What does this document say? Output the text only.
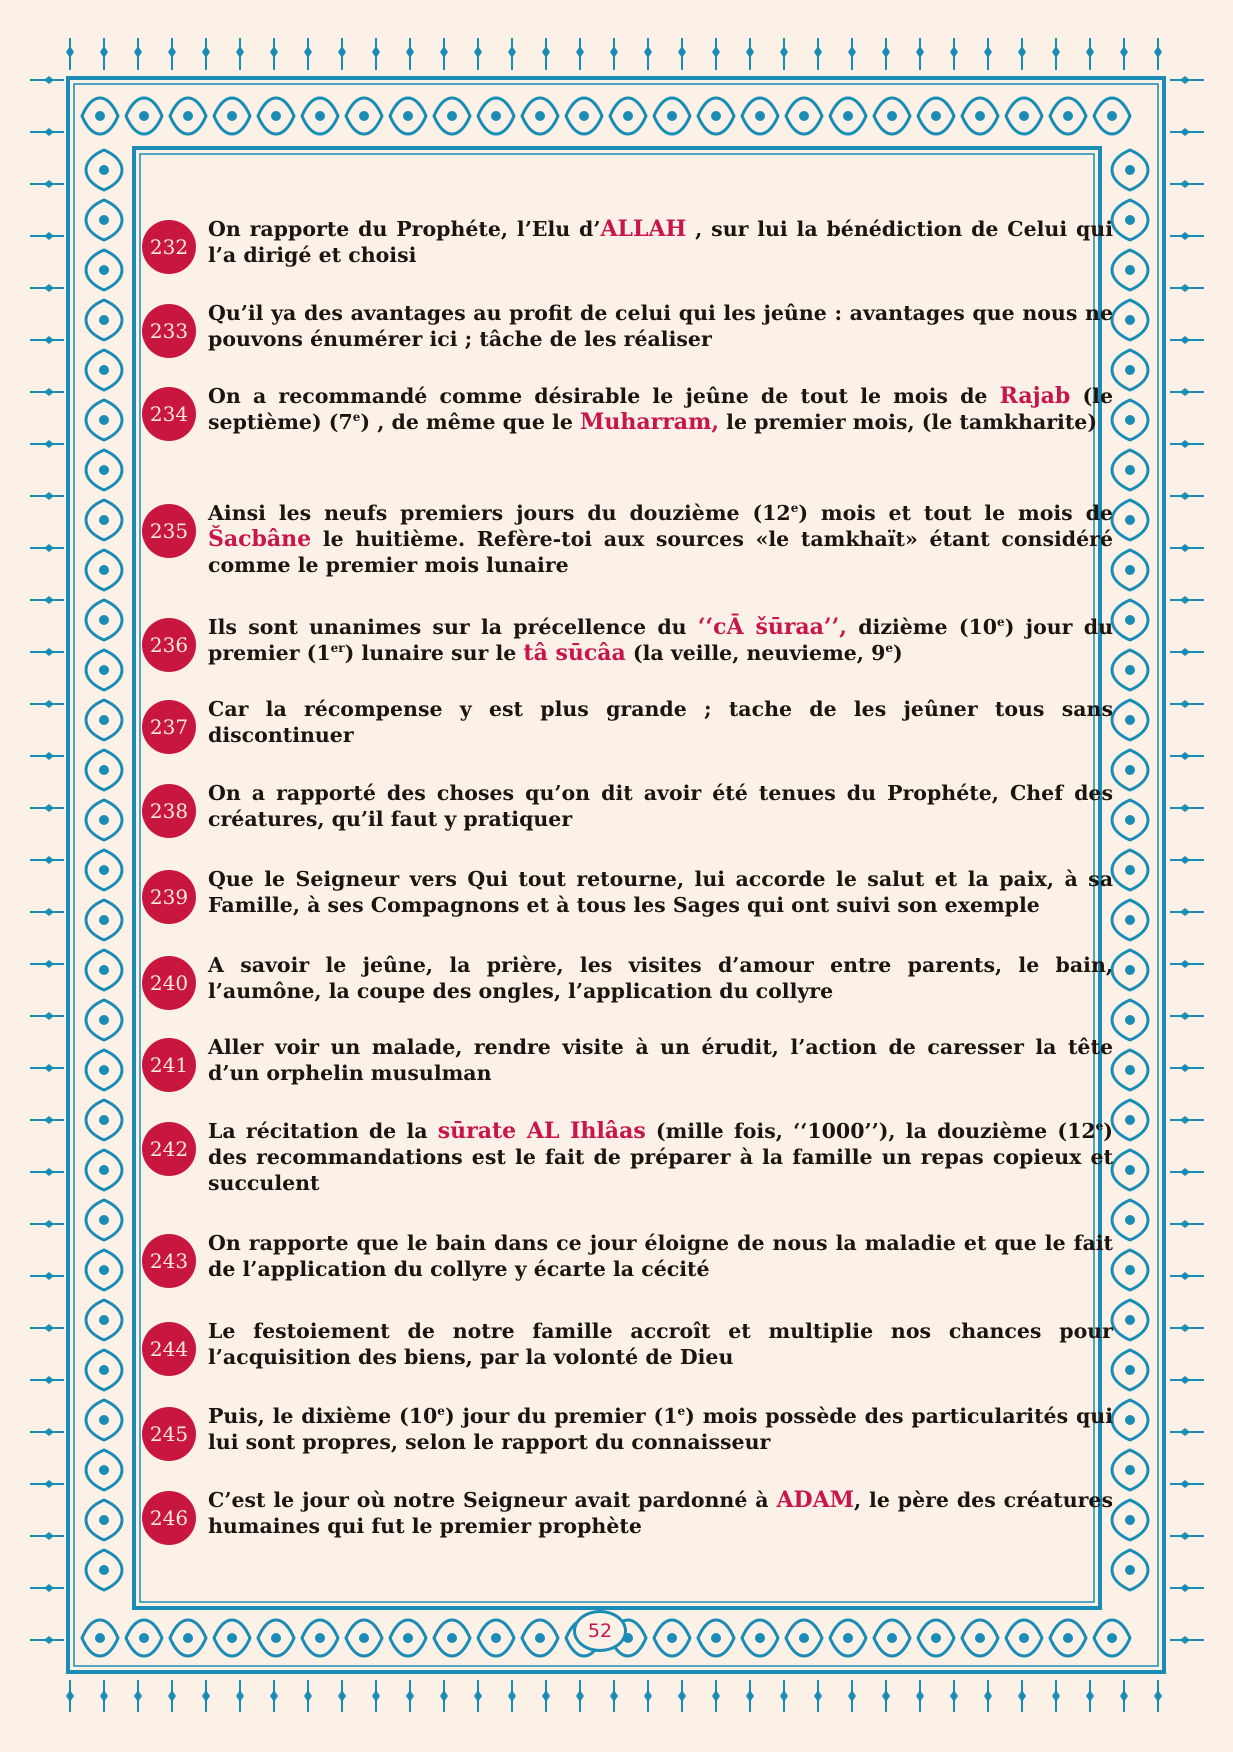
232

On rapporte du Prophéte, l’Elu d’ALLAH , sur lui la bénédiction de Celui qui l’a dirigé et choisi

233

Qu’il ya des avantages au profit de celui qui les jeûne : avantages que nous ne pouvons énumérer ici ; tâche de les réaliser

234

On a recommandé comme désirable le jeûne de tout le mois de Rajab (le septième) (7e) , de même que le Muharram, le premier mois, (le tamkharite)

235

Ainsi les neufs premiers jours du douzième (12e) mois et tout le mois de Šacbâne le huitième. Refère-toi aux sources «le tamkhaït» étant considéré comme le premier mois lunaire

236

Ils sont unanimes sur la précellence du ‘‘cĀ šūraa’’, dizième (10e) jour du premier (1er) lunaire sur le tâ sūcâa (la veille, neuvieme, 9e)

237

Car la récompense y est plus grande ; tache de les jeûner tous sans discontinuer

238

On a rapporté des choses qu’on dit avoir été tenues du Prophéte, Chef des créatures, qu’il faut y pratiquer

239

Que le Seigneur vers Qui tout retourne, lui accorde le salut et la paix, à sa Famille, à ses Compagnons et à tous les Sages qui ont suivi son exemple

240

A savoir le jeûne, la prière, les visites d’amour entre parents, le bain, l’aumône, la coupe des ongles, l’application du collyre

241

Aller voir un malade, rendre visite à un érudit, l’action de caresser la tête d’un orphelin musulman

242

La récitation de la sūrate AL Ihlâas (mille fois, ‘‘1000’’), la douzième (12e) des recommandations est le fait de préparer à la famille un repas copieux et succulent

243

On rapporte que le bain dans ce jour éloigne de nous la maladie et que le fait de l’application du collyre y écarte la cécité

244

Le festoiement de notre famille accroît et multiplie nos chances pour l’acquisition des biens, par la volonté de Dieu

245

Puis, le dixième (10e) jour du premier (1e) mois possède des particularités qui lui sont propres, selon le rapport du connaisseur

246

C’est le jour où notre Seigneur avait pardonné à ADAM, le père des créatures humaines qui fut le premier prophète

52
